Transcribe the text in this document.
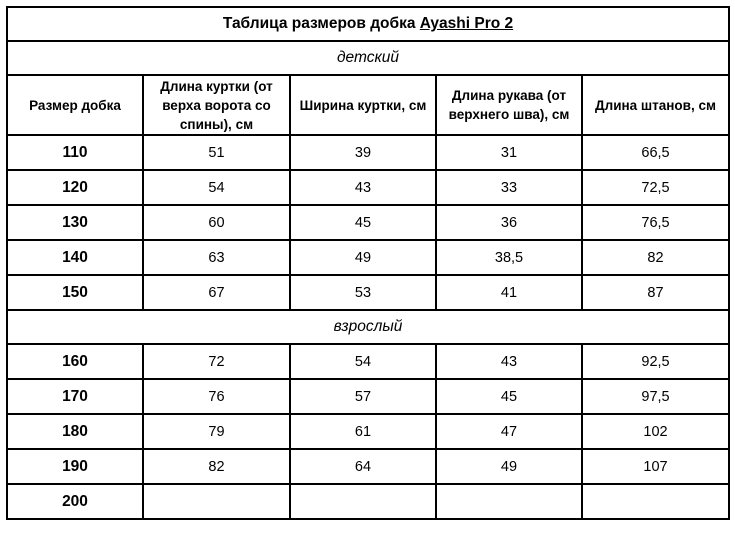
Таблица размеров добка Ayashi Pro 2				
детский				
Размер добка	Длина куртки (от верха ворота со спины), см	Ширина куртки, см	Длина рукава (от верхнего шва), см	Длина штанов, см
110	51	39	31	66,5
120	54	43	33	72,5
130	60	45	36	76,5
140	63	49	38,5	82
150	67	53	41	87
взрослый				
160	72	54	43	92,5
170	76	57	45	97,5
180	79	61	47	102
190	82	64	49	107
200				
